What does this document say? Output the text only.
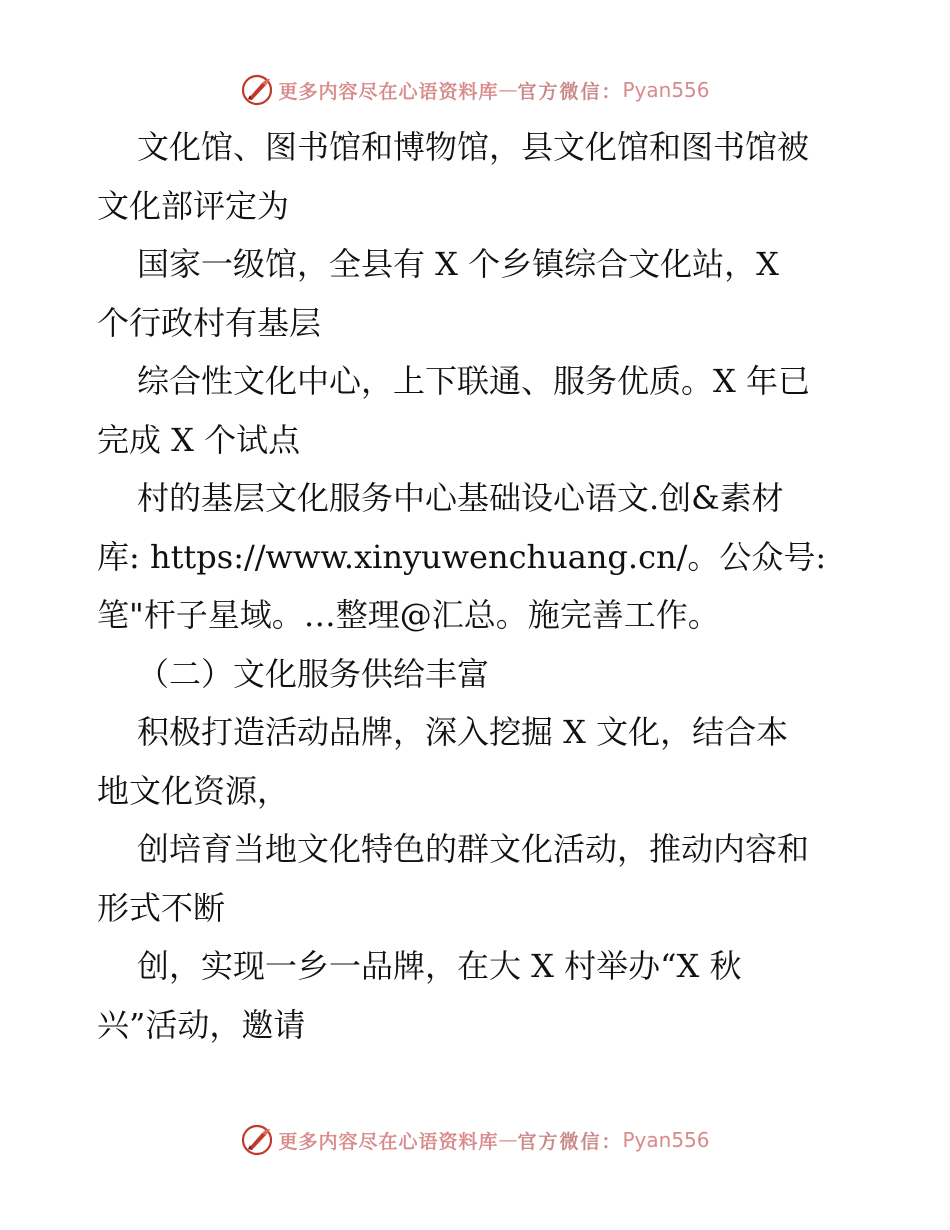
更多内容尽在心语资料库 — 官方微信： Pyan556
文化馆、图书馆和博物馆，县文化馆和图书馆被
文化部评定为
国家一级馆，全县有 X 个乡镇综合文化站，X
个行政村有基层
综合性文化中心，上下联通、服务优质。X 年已
完成 X 个试点
村的基层文化服务中心基础设心语文.创&素材
库: https://www.xinyuwenchuang.cn/。公众号:
笔"杆子星域。…整理@汇总。施完善工作。
（二）文化服务供给丰富
积极打造活动品牌，深入挖掘 X 文化，结合本
地文化资源，
创培育当地文化特色的群文化活动，推动内容和
形式不断
创，实现一乡一品牌，在大 X 村举办“X 秋
兴”活动，邀请
更多内容尽在心语资料库 — 官方微信： Pyan556
